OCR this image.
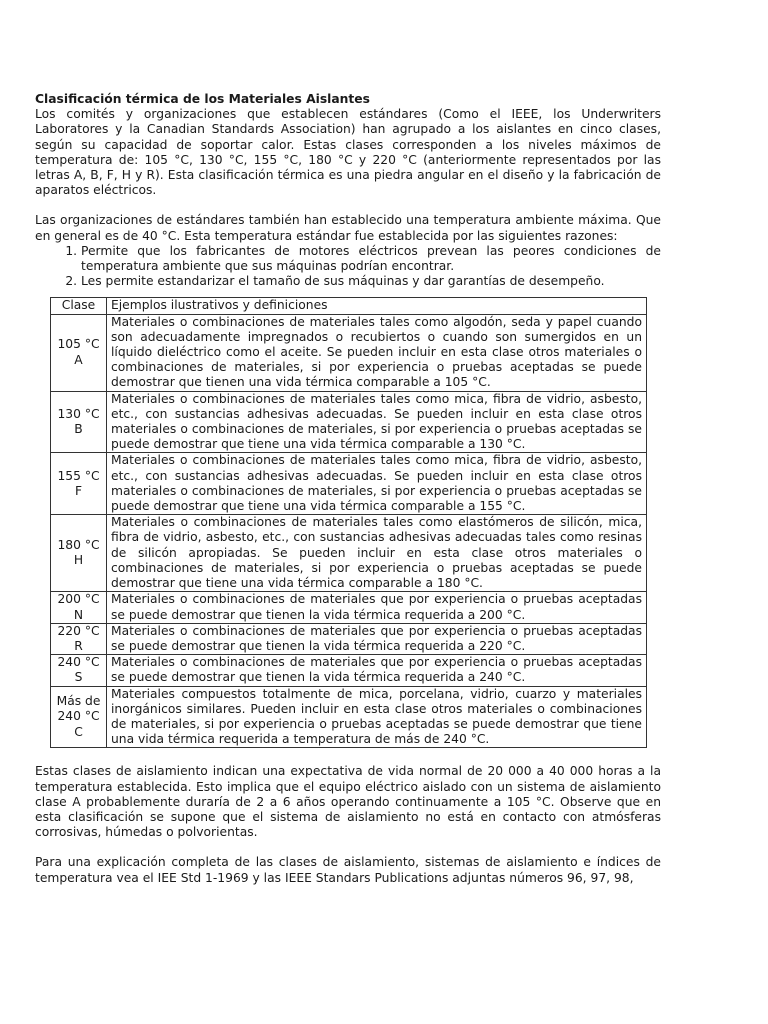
Clasificación térmica de los Materiales Aislantes

Los comités y organizaciones que establecen estándares (Como el IEEE, los Underwriters Laboratores y la Canadian Standards Association) han agrupado a los aislantes en cinco clases, según su capacidad de soportar calor. Estas clases corresponden a los niveles máximos de temperatura de: 105 °C, 130 °C, 155 °C, 180 °C y 220 °C (anteriormente representados por las letras A, B, F, H y R). Esta clasificación térmica es una piedra angular en el diseño y la fabricación de aparatos eléctricos.

Las organizaciones de estándares también han establecido una temperatura ambiente máxima. Que en general es de 40 °C. Esta temperatura estándar fue establecida por las siguientes razones:

1. Permite que los fabricantes de motores eléctricos prevean las peores condiciones de temperatura ambiente que sus máquinas podrían encontrar.
2. Les permite estandarizar el tamaño de sus máquinas y dar garantías de desempeño.
Clase	Ejemplos ilustrativos y definiciones
105 °C
A	Materiales o combinaciones de materiales tales como algodón, seda y papel cuando son adecuadamente impregnados o recubiertos o cuando son sumergidos en un líquido dieléctrico como el aceite. Se pueden incluir en esta clase otros materiales o combinaciones de materiales, si por experiencia o pruebas aceptadas se puede demostrar que tienen una vida térmica comparable a 105 °C.
130 °C
B	Materiales o combinaciones de materiales tales como mica, fibra de vidrio, asbesto, etc., con sustancias adhesivas adecuadas. Se pueden incluir en esta clase otros materiales o combinaciones de materiales, si por experiencia o pruebas aceptadas se puede demostrar que tiene una vida térmica comparable a 130 °C.
155 °C
F	Materiales o combinaciones de materiales tales como mica, fibra de vidrio, asbesto, etc., con sustancias adhesivas adecuadas. Se pueden incluir en esta clase otros materiales o combinaciones de materiales, si por experiencia o pruebas aceptadas se puede demostrar que tiene una vida térmica comparable a 155 °C.
180 °C
H	Materiales o combinaciones de materiales tales como elastómeros de silicón, mica, fibra de vidrio, asbesto, etc., con sustancias adhesivas adecuadas tales como resinas de silicón apropiadas. Se pueden incluir en esta clase otros materiales o combinaciones de materiales, si por experiencia o pruebas aceptadas se puede demostrar que tiene una vida térmica comparable a 180 °C.
200 °C
N	Materiales o combinaciones de materiales que por experiencia o pruebas aceptadas se puede demostrar que tienen la vida térmica requerida a 200 °C.
220 °C
R	Materiales o combinaciones de materiales que por experiencia o pruebas aceptadas se puede demostrar que tienen la vida térmica requerida a 220 °C.
240 °C
S	Materiales o combinaciones de materiales que por experiencia o pruebas aceptadas se puede demostrar que tienen la vida térmica requerida a 240 °C.
Más de 240 °C
C	Materiales compuestos totalmente de mica, porcelana, vidrio, cuarzo y materiales inorgánicos similares. Pueden incluir en esta clase otros materiales o combinaciones de materiales, si por experiencia o pruebas aceptadas se puede demostrar que tiene una vida térmica requerida a temperatura de más de 240 °C.

Estas clases de aislamiento indican una expectativa de vida normal de 20 000 a 40 000 horas a la temperatura establecida. Esto implica que el equipo eléctrico aislado con un sistema de aislamiento clase A probablemente duraría de 2 a 6 años operando continuamente a 105 °C. Observe que en esta clasificación se supone que el sistema de aislamiento no está en contacto con atmósferas corrosivas, húmedas o polvorientas.

Para una explicación completa de las clases de aislamiento, sistemas de aislamiento e índices de temperatura vea el IEE Std 1-1969 y las IEEE Standars Publications adjuntas números 96, 97, 98,
